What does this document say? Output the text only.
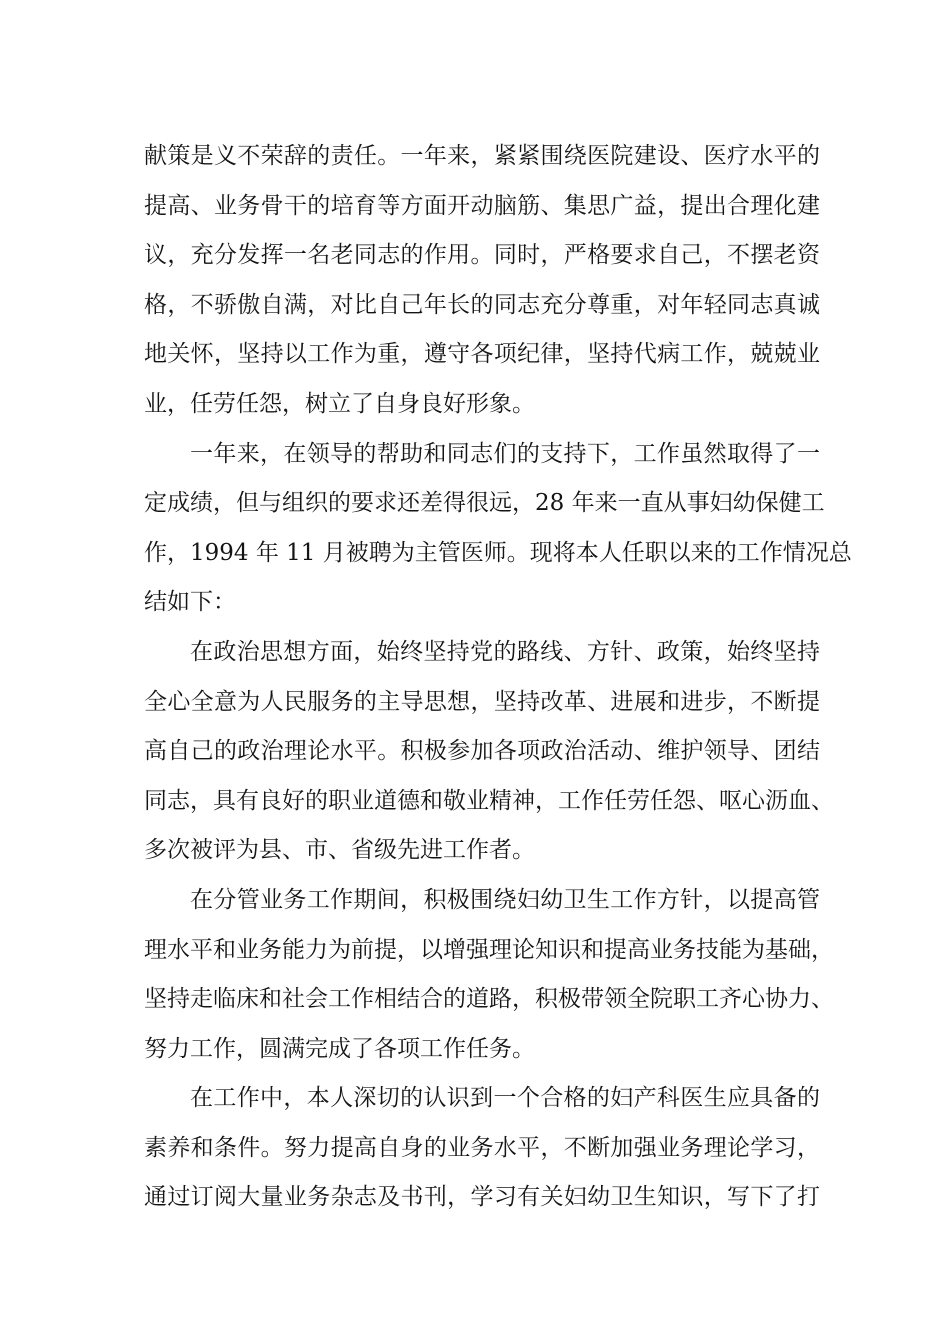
献策是义不荣辞的责任。一年来，紧紧围绕医院建设、医疗水平的
提高、业务骨干的培育等方面开动脑筋、集思广益，提出合理化建
议，充分发挥一名老同志的作用。同时，严格要求自己，不摆老资
格，不骄傲自满，对比自己年长的同志充分尊重，对年轻同志真诚
地关怀，坚持以工作为重，遵守各项纪律，坚持代病工作，兢兢业
业，任劳任怨，树立了自身良好形象。
一年来，在领导的帮助和同志们的支持下，工作虽然取得了一
定成绩，但与组织的要求还差得很远，28 年来一直从事妇幼保健工
作，1994 年 11 月被聘为主管医师。现将本人任职以来的工作情况总
结如下：
在政治思想方面，始终坚持党的路线、方针、政策，始终坚持
全心全意为人民服务的主导思想，坚持改革、进展和进步，不断提
高自己的政治理论水平。积极参加各项政治活动、维护领导、团结
同志，具有良好的职业道德和敬业精神，工作任劳任怨、呕心沥血、
多次被评为县、市、省级先进工作者。
在分管业务工作期间，积极围绕妇幼卫生工作方针，以提高管
理水平和业务能力为前提，以增强理论知识和提高业务技能为基础，
坚持走临床和社会工作相结合的道路，积极带领全院职工齐心协力、
努力工作，圆满完成了各项工作任务。
在工作中，本人深切的认识到一个合格的妇产科医生应具备的
素养和条件。努力提高自身的业务水平，不断加强业务理论学习，
通过订阅大量业务杂志及书刊，学习有关妇幼卫生知识，写下了打
